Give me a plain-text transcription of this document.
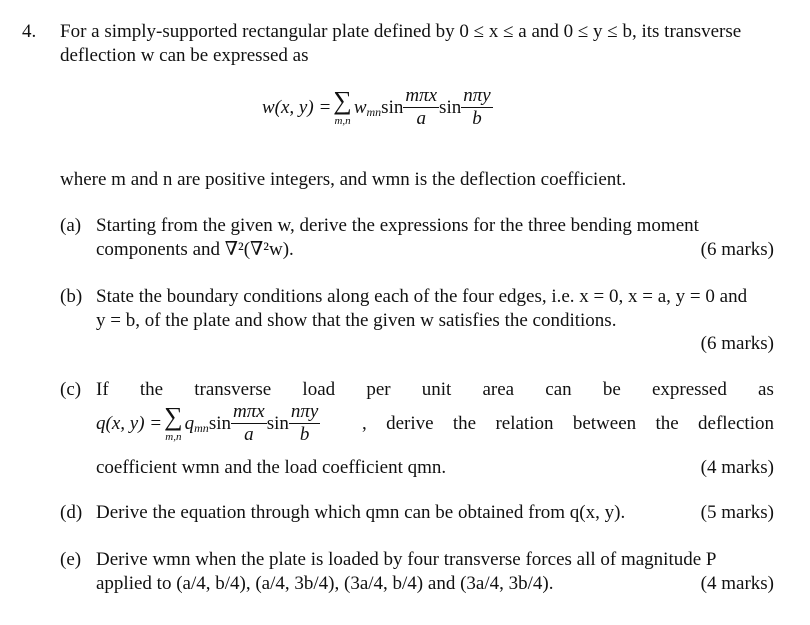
4. For a simply-supported rectangular plate defined by 0 ≤ x ≤ a and 0 ≤ y ≤ b, its transverse
deflection w can be expressed as
w(x, y) = ∑
m,n
$w_{mn}$ $\sin \frac{\text{mπx}}{a}$ $\sin \frac{\text{nπy}}{b}$
where m and n are positive integers, and wmn is the deflection coefficient.
(a) Starting from the given w, derive the expressions for the three bending moment
components and ∇²(∇²w).	(6 marks)
(b) State the boundary conditions along each of the four edges, i.e. x = 0, x = a, y = 0 and
y = b, of the plate and show that the given w satisfies the conditions.
(6 marks)
(c) If the transverse load per unit area can be expressed as
q(x, y) = ∑
m,n
$q_{mn}$ $\sin \frac{\text{mπx}}{a}$ $\sin \frac{\text{nπy}}{b}$ , derive the relation between the deflection
coefficient wmn and the load coefficient qmn.	(4 marks)
(d) Derive the equation through which qmn can be obtained from q(x, y).	(5 marks)
(e) Derive wmn when the plate is loaded by four transverse forces all of magnitude P
applied to (a/4, b/4), (a/4, 3b/4), (3a/4, b/4) and (3a/4, 3b/4).	(4 marks)
